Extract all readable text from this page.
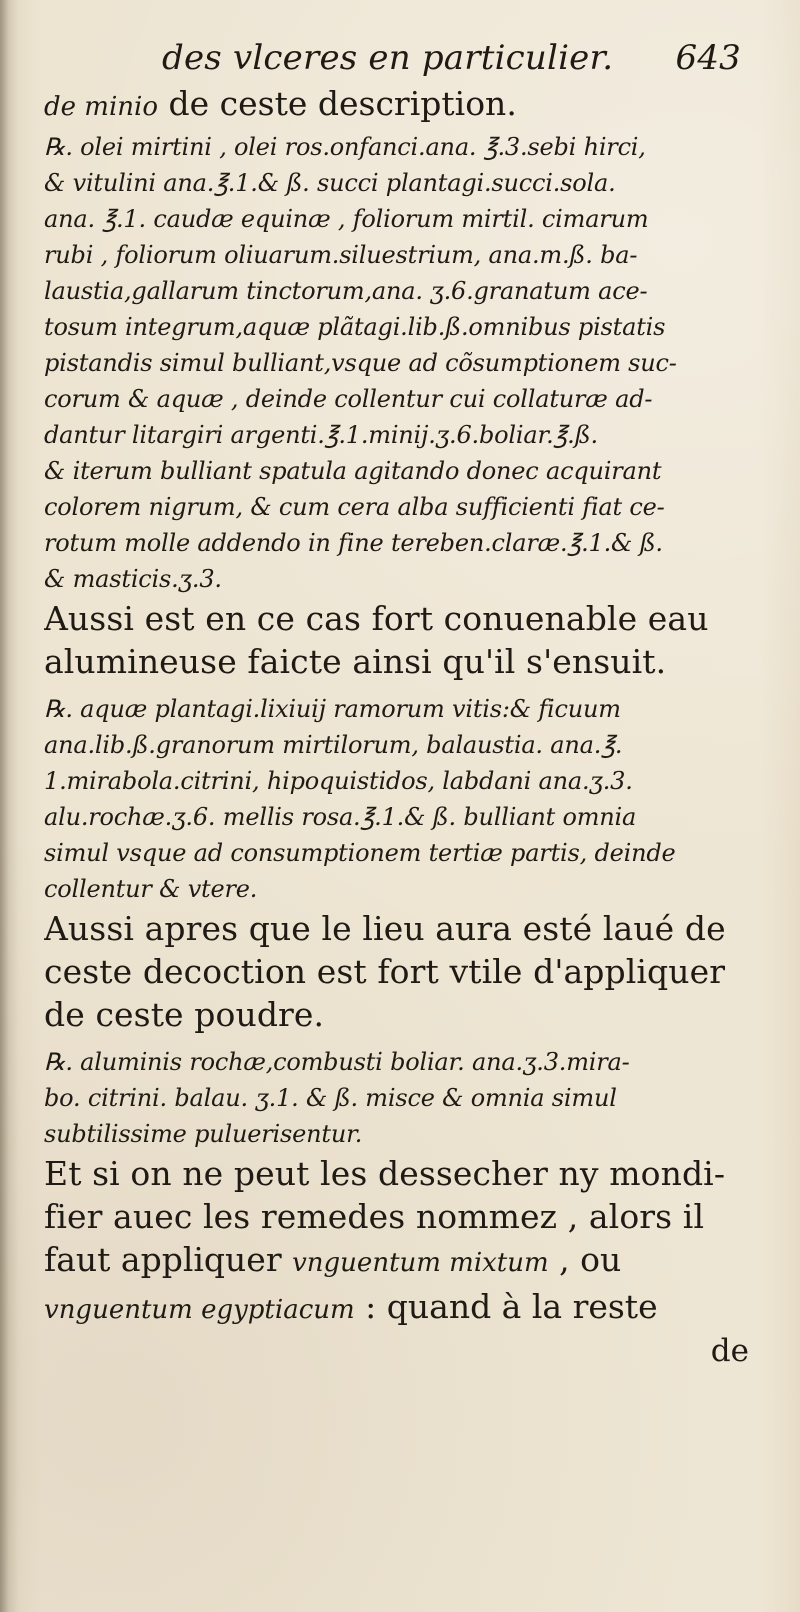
des vlceres en particulier. 643
de minio de ceste description.
℞. olei mirtini , olei ros.onfanci.ana. ℥.3.sebi hirci,
& vitulini ana.℥.1.& ß. succi plantagi.succi.sola.
ana. ℥.1. caudæ equinæ , foliorum mirtil. cimarum
rubi , foliorum oliuarum.siluestrium, ana.m.ß. ba-
laustia,gallarum tinctorum,ana. ʒ.6.granatum ace-
tosum integrum,aquæ plãtagi.lib.ß.omnibus pistatis
pistandis simul bulliant,vsque ad cõsumptionem suc-
corum & aquæ , deinde collentur cui collaturæ ad-
dantur litargiri argenti.℥.1.minij.ʒ.6.boliar.℥.ß.
& iterum bulliant spatula agitando donec acquirant
colorem nigrum, & cum cera alba sufficienti fiat ce-
rotum molle addendo in fine tereben.claræ.℥.1.& ß.
& masticis.ʒ.3.
Aussi est en ce cas fort conuenable eau
alumineuse faicte ainsi qu'il s'ensuit.
℞. aquæ plantagi.lixiuij ramorum vitis:& ficuum
ana.lib.ß.granorum mirtilorum, balaustia. ana.℥.
1.mirabola.citrini, hipoquistidos, labdani ana.ʒ.3.
alu.rochæ.ʒ.6. mellis rosa.℥.1.& ß. bulliant omnia
simul vsque ad consumptionem tertiæ partis, deinde
collentur & vtere.
Aussi apres que le lieu aura esté laué de
ceste decoction est fort vtile d'appliquer
de ceste poudre.
℞. aluminis rochæ,combusti boliar. ana.ʒ.3.mira-
bo. citrini. balau. ʒ.1. & ß. misce & omnia simul
subtilissime puluerisentur.
Et si on ne peut les dessecher ny mondi-
fier auec les remedes nommez , alors il
faut appliquer vnguentum mixtum , ou
vnguentum egyptiacum : quand à la reste
de
